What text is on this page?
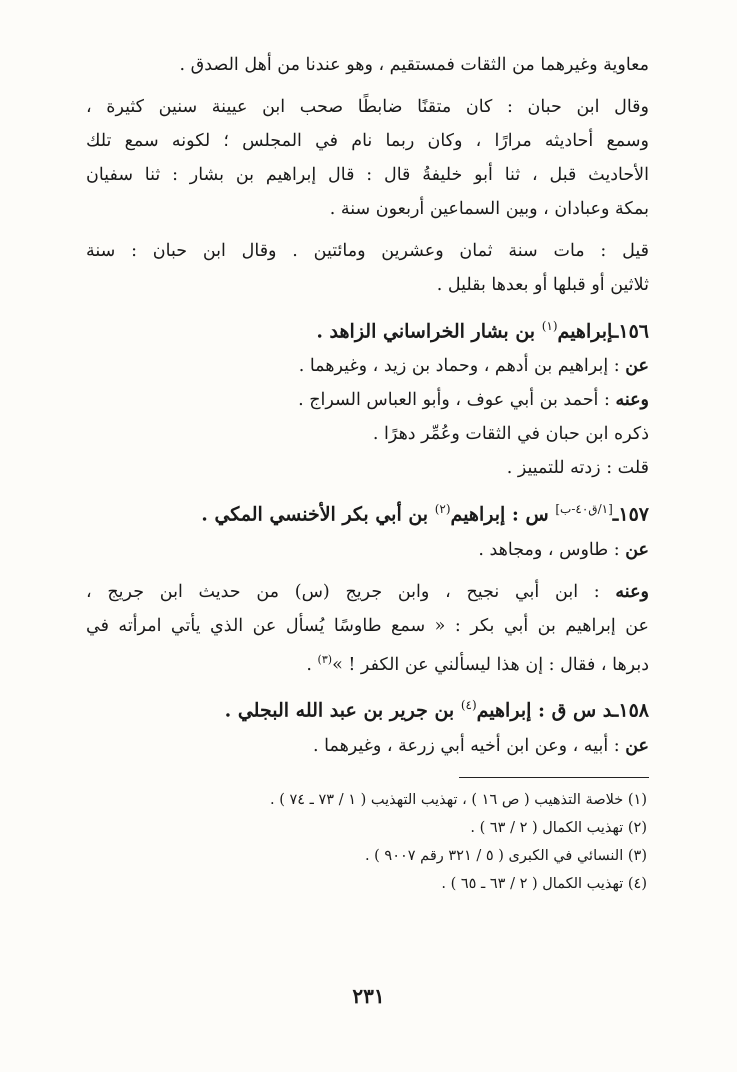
معاوية وغيرهما من الثقات فمستقيم ، وهو عندنا من أهل الصدق .
وقال ابن حبان : كان متقنًا ضابطًا صحب ابن عيينة سنين كثيرة ،
وسمع أحاديثه مرارًا ، وكان ربما نام في المجلس ؛ لكونه سمع تلك
الأحاديث قبل ، ثنا أبو خليفةُ قال : قال إبراهيم بن بشار : ثنا سفيان
بمكة وعبادان ، وبين السماعين أربعون سنة .
قيل : مات سنة ثمان وعشرين ومائتين . وقال ابن حبان : سنة
ثلاثين أو قبلها أو بعدها بقليل .
١٥٦ـإبراهيم$^{(١)}$ بن بشار الخراساني الزاهد .
عن : إبراهيم بن أدهم ، وحماد بن زيد ، وغيرهما .
وعنه : أحمد بن أبي عوف ، وأبو العباس السراج .
ذكره ابن حبان في الثقات وعُمِّر دهرًا .
قلت : زدته للتمييز .
١٥٧ـ[١/ق٤٠-ب] س : إبراهيم$^{(٢)}$ بن أبي بكر الأخنسي المكي .
عن : طاوس ، ومجاهد .
وعنه : ابن أبي نجيح ، وابن جريج (س) من حديث ابن جريج ،
عن إبراهيم بن أبي بكر : « سمع طاوسًا يُسأل عن الذي يأتي امرأته في
دبرها ، فقال : إن هذا ليسألني عن الكفر ! »$^{(٣)}$ .
١٥٨ـد س ق : إبراهيم$^{(٤)}$ بن جرير بن عبد الله البجلي .
عن : أبيه ، وعن ابن أخيه أبي زرعة ، وغيرهما .
(١) خلاصة التذهيب ( ص ١٦ ) ، تهذيب التهذيب ( ١ / ٧٣ ـ ٧٤ ) .
(٢) تهذيب الكمال ( ٢ / ٦٣ ) .
(٣) النسائي في الكبرى ( ٥ / ٣٢١ رقم ٩٠٠٧ ) .
(٤) تهذيب الكمال ( ٢ / ٦٣ ـ ٦٥ ) .
٢٣١
